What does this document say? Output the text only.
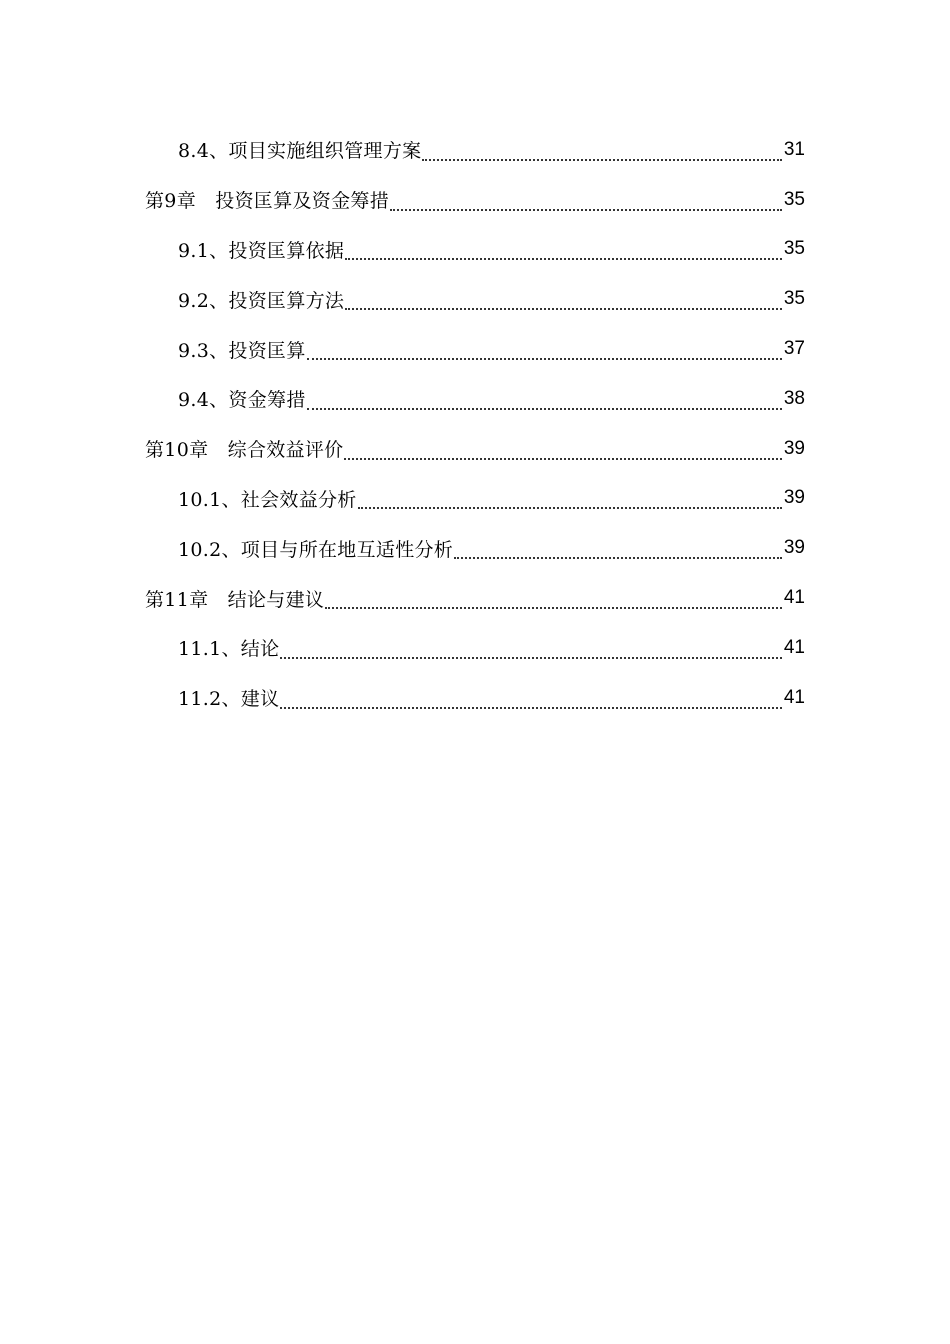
8.4、项目实施组织管理方案	31
第9章　投资匡算及资金筹措	35
9.1、投资匡算依据	35
9.2、投资匡算方法	35
9.3、投资匡算	37
9.4、资金筹措	38
第10章　综合效益评价	39
10.1、社会效益分析	39
10.2、项目与所在地互适性分析	39
第11章　结论与建议	41
11.1、结论	41
11.2、建议	41
